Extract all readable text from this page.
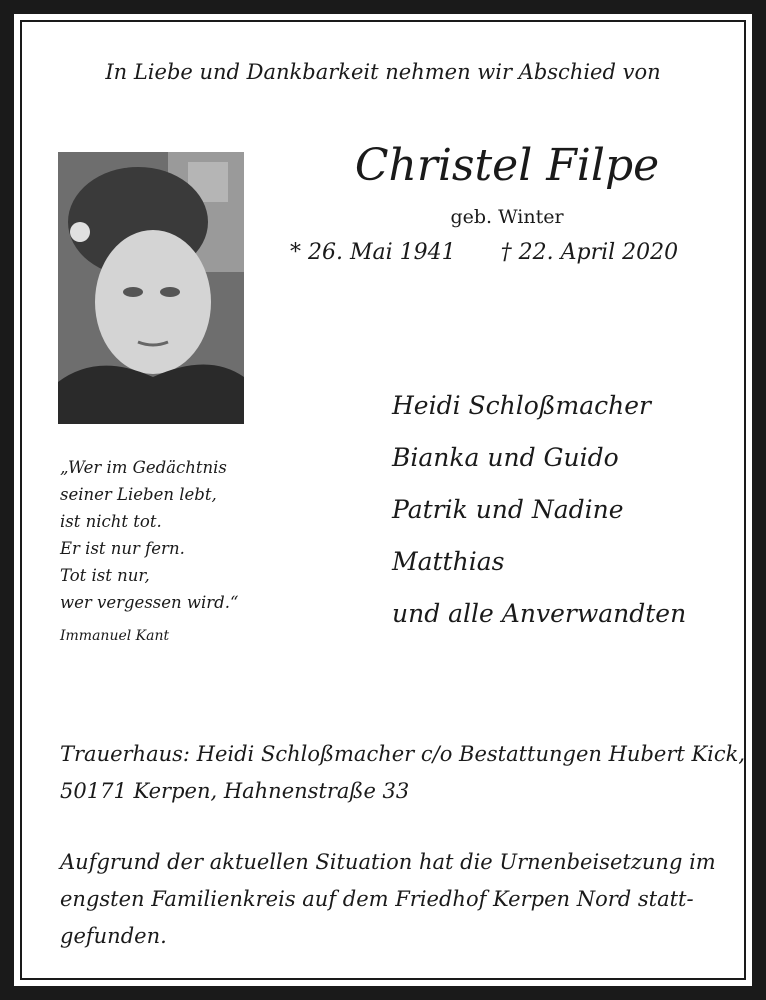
In Liebe und Dankbarkeit nehmen wir Abschied von
Christel Filpe
geb. Winter
* 26. Mai 1941 † 22. April 2020
Heidi Schloßmacher
Bianka und Guido
Patrik und Nadine
Matthias
und alle Anverwandten
„Wer im Gedächtnis
seiner Lieben lebt,
ist nicht tot.
Er ist nur fern.
Tot ist nur,
wer vergessen wird.“
Immanuel Kant
Trauerhaus: Heidi Schloßmacher c/o Bestattungen Hubert Kick,
50171 Kerpen, Hahnenstraße 33
Aufgrund der aktuellen Situation hat die Urnenbeisetzung im
engsten Familienkreis auf dem Friedhof Kerpen Nord statt-
gefunden.
